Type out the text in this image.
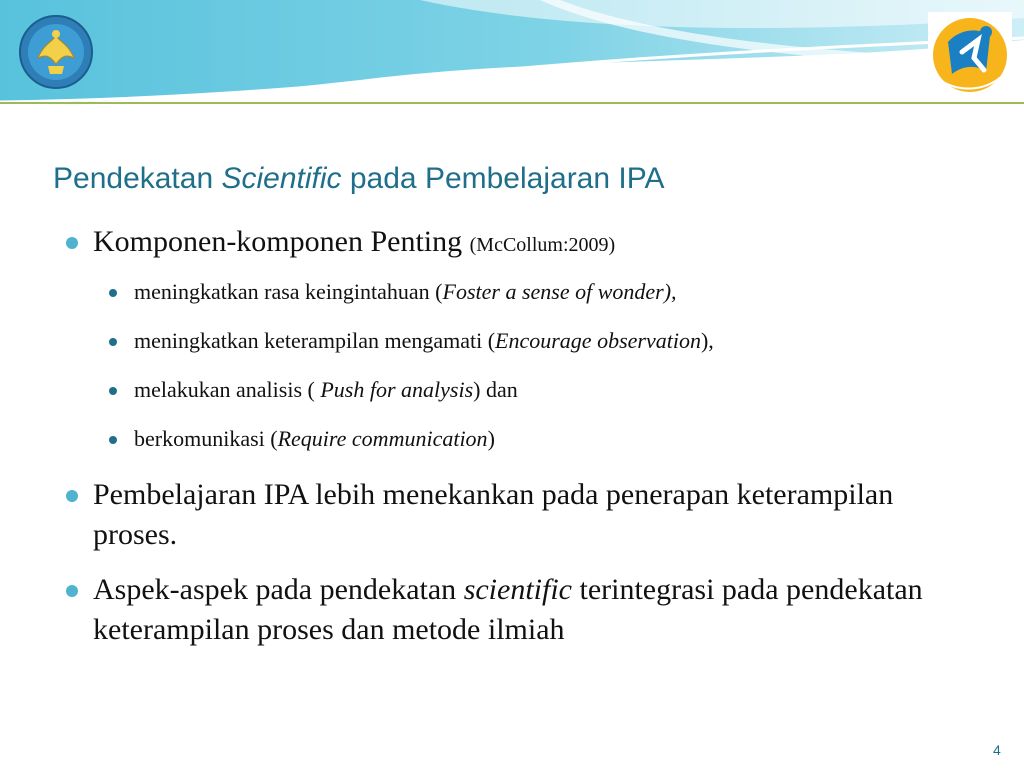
Pendekatan Scientific pada Pembelajaran IPA

Komponen-komponen Penting (McCollum:2009)

meningkatkan rasa keingintahuan (Foster a sense of wonder),

meningkatkan keterampilan mengamati (Encourage observation),

melakukan analisis ( Push for analysis) dan

berkomunikasi (Require communication)

Pembelajaran IPA lebih menekankan pada penerapan keterampilan proses.

Aspek-aspek pada pendekatan scientific terintegrasi pada pendekatan keterampilan proses dan metode ilmiah

4
